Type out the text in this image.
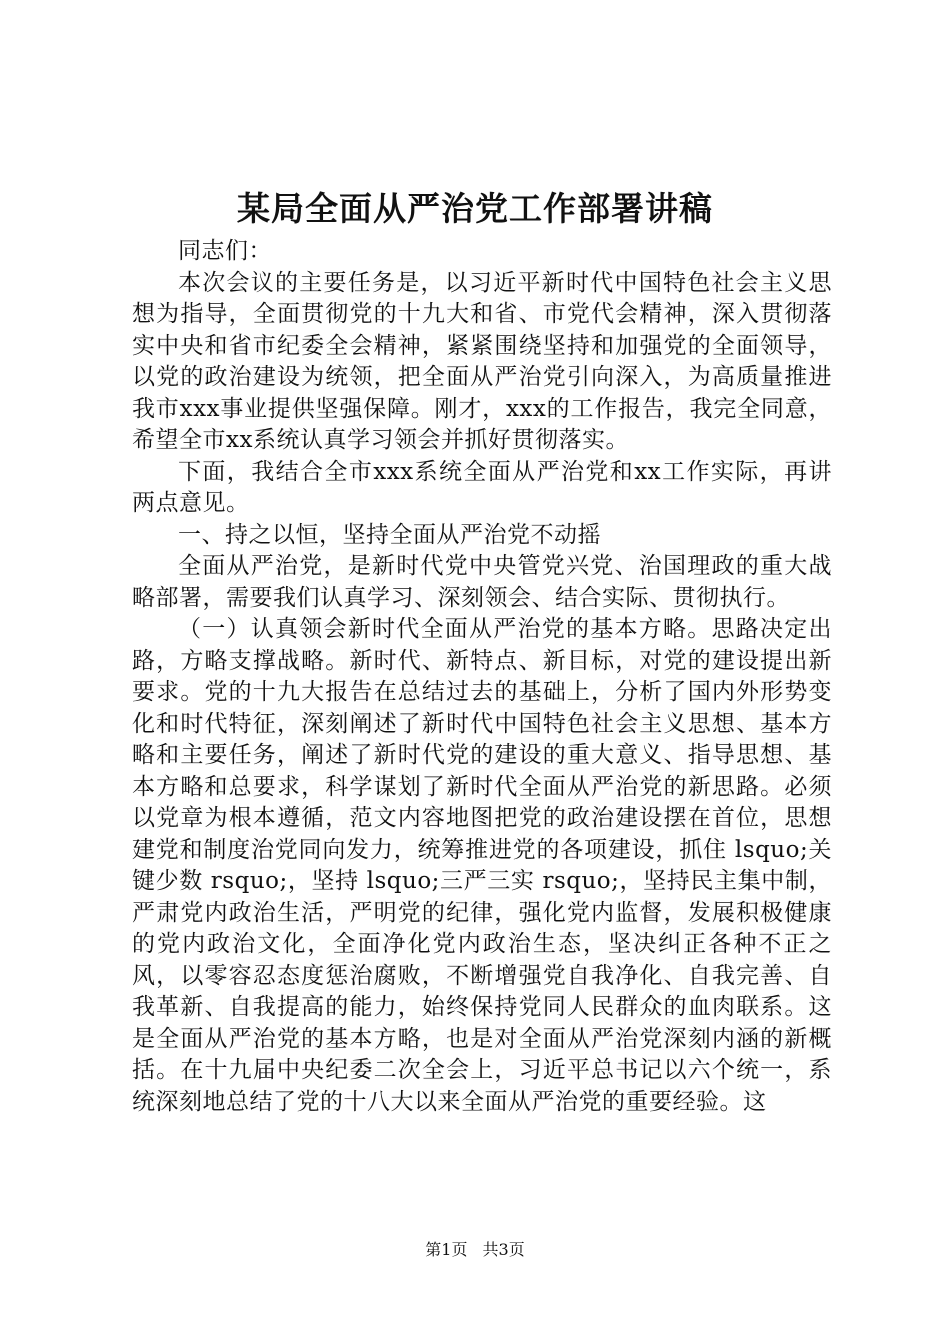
某局全面从严治党工作部署讲稿

同志们：

本次会议的主要任务是，以习近平新时代中国特色社会主义思想为指导，全面贯彻党的十九大和省、市党代会精神，深入贯彻落实中央和省市纪委全会精神，紧紧围绕坚持和加强党的全面领导，以党的政治建设为统领，把全面从严治党引向深入，为高质量推进我市xxx事业提供坚强保障。刚才，xxx的工作报告，我完全同意，希望全市xx系统认真学习领会并抓好贯彻落实。

下面，我结合全市xxx系统全面从严治党和xx工作实际，再讲两点意见。

一、持之以恒，坚持全面从严治党不动摇

全面从严治党，是新时代党中央管党兴党、治国理政的重大战略部署，需要我们认真学习、深刻领会、结合实际、贯彻执行。

（一）认真领会新时代全面从严治党的基本方略。思路决定出路，方略支撑战略。新时代、新特点、新目标，对党的建设提出新要求。党的十九大报告在总结过去的基础上，分析了国内外形势变化和时代特征，深刻阐述了新时代中国特色社会主义思想、基本方略和主要任务，阐述了新时代党的建设的重大意义、指导思想、基本方略和总要求，科学谋划了新时代全面从严治党的新思路。必须以党章为根本遵循，范文内容地图把党的政治建设摆在首位，思想建党和制度治党同向发力，统筹推进党的各项建设，抓住 lsquo;关键少数 rsquo;，坚持 lsquo;三严三实 rsquo;，坚持民主集中制，严肃党内政治生活，严明党的纪律，强化党内监督，发展积极健康的党内政治文化，全面净化党内政治生态，坚决纠正各种不正之风，以零容忍态度惩治腐败，不断增强党自我净化、自我完善、自我革新、自我提高的能力，始终保持党同人民群众的血肉联系。这是全面从严治党的基本方略，也是对全面从严治党深刻内涵的新概括。在十九届中央纪委二次全会上，习近平总书记以六个统一，系统深刻地总结了党的十八大以来全面从严治党的重要经验。这

第1页 共3页
